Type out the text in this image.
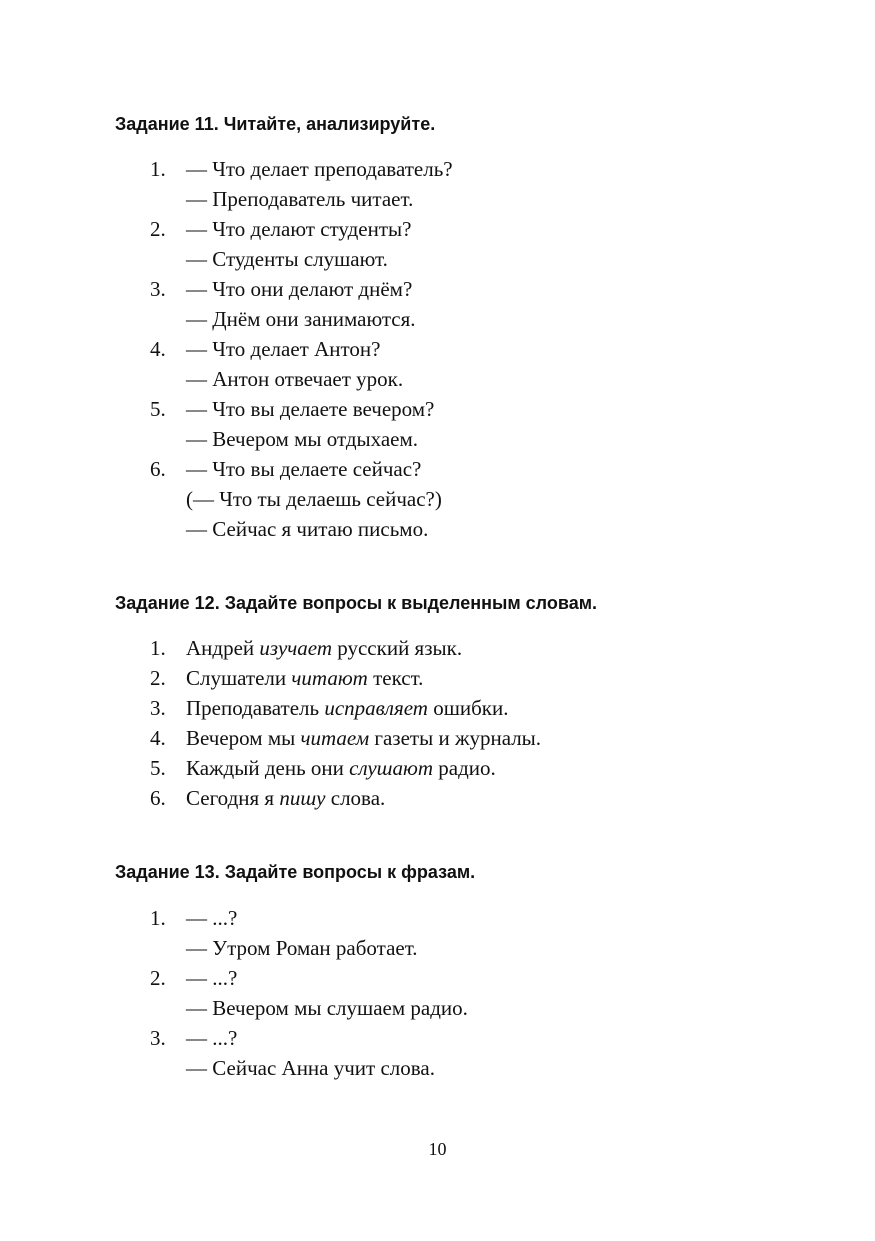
Задание 11. Читайте, анализируйте.
1. — Что делает преподаватель?
— Преподаватель читает.
2. — Что делают студенты?
— Студенты слушают.
3. — Что они делают днём?
— Днём они занимаются.
4. — Что делает Антон?
— Антон отвечает урок.
5. — Что вы делаете вечером?
— Вечером мы отдыхаем.
6. — Что вы делаете сейчас?
(— Что ты делаешь сейчас?)
— Сейчас я читаю письмо.
Задание 12. Задайте вопросы к выделенным словам.
1. Андрей изучает русский язык.
2. Слушатели читают текст.
3. Преподаватель исправляет ошибки.
4. Вечером мы читаем газеты и журналы.
5. Каждый день они слушают радио.
6. Сегодня я пишу слова.
Задание 13. Задайте вопросы к фразам.
1. — ...?
— Утром Роман работает.
2. — ...?
— Вечером мы слушаем радио.
3. — ...?
— Сейчас Анна учит слова.
10
